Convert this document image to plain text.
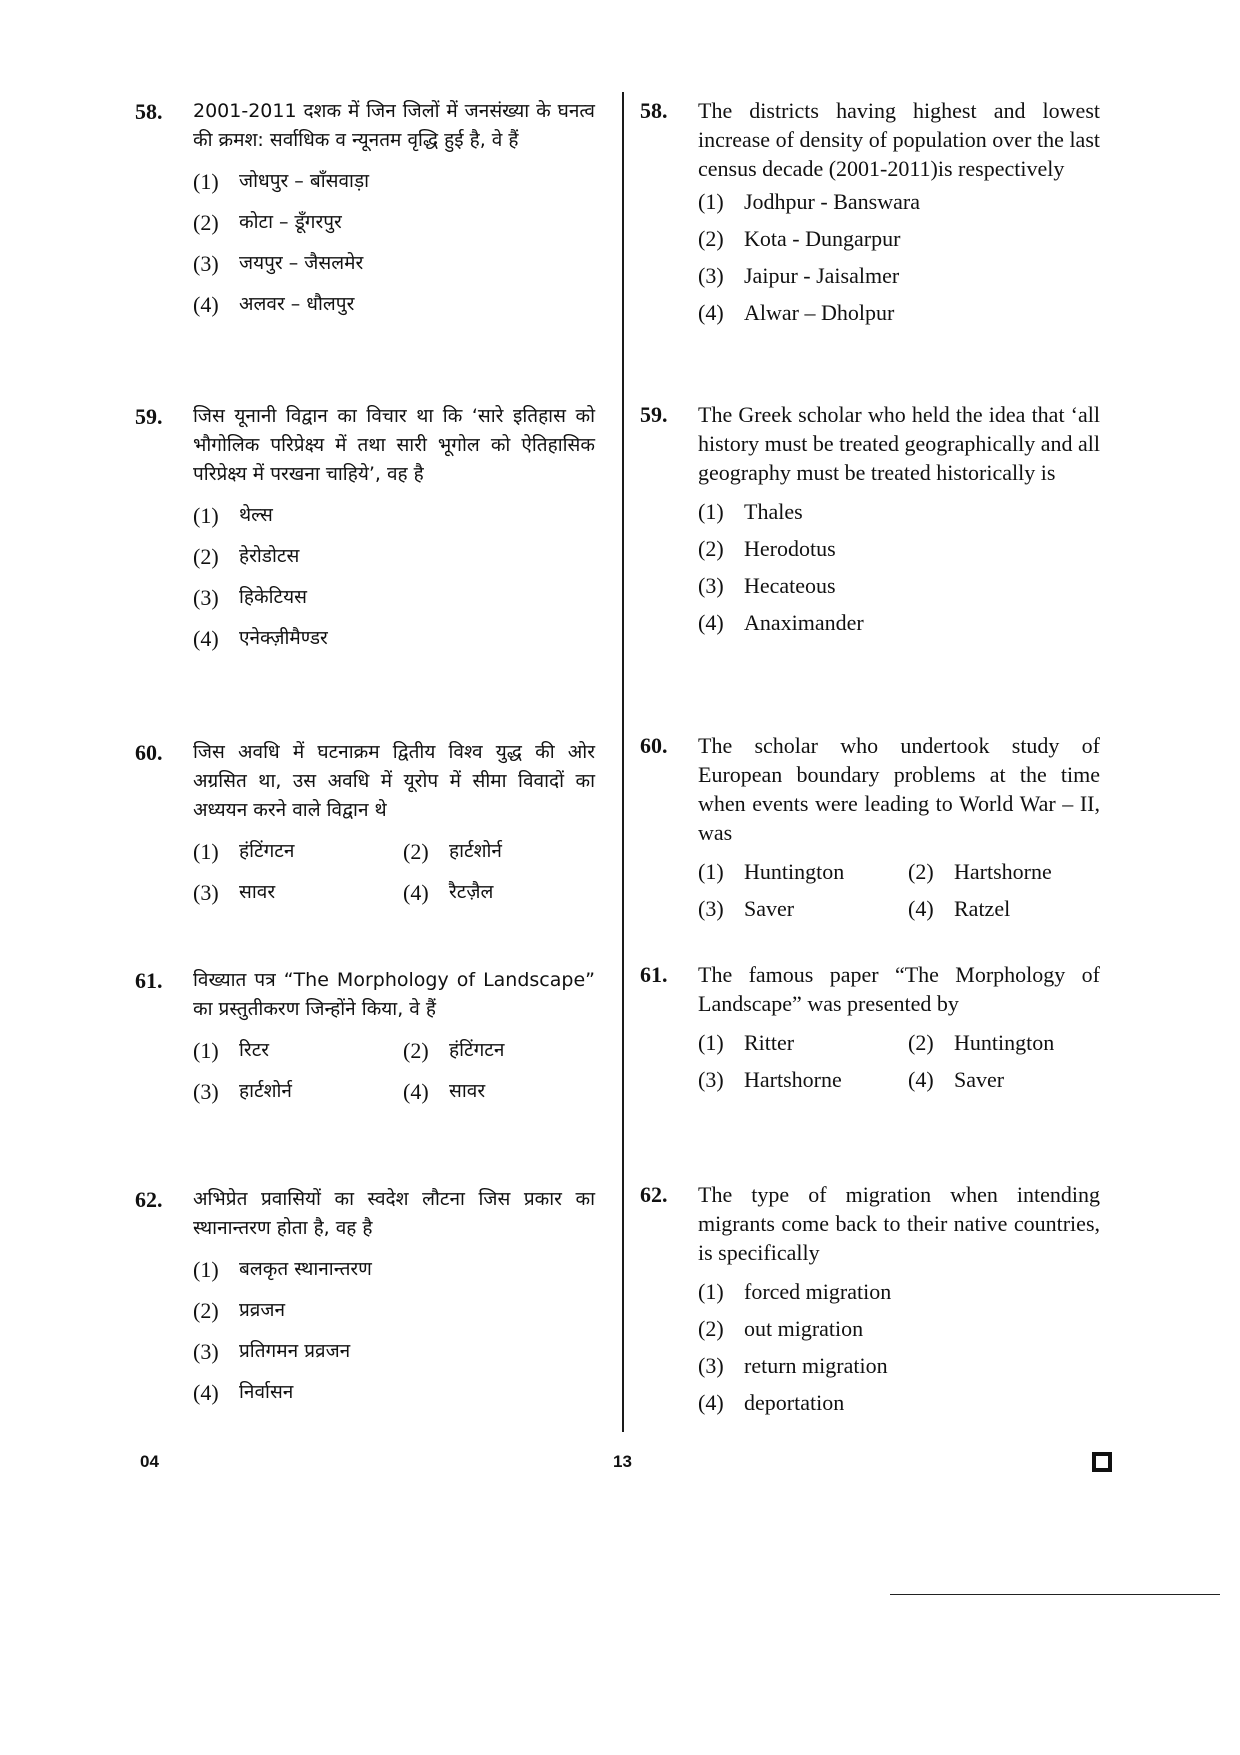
58.	2001-2011 दशक में जिन जिलों में जनसंख्या के घनत्व की क्रमश: सर्वाधिक व न्यूनतम वृद्धि हुई है, वे हैं
(1)	जोधपुर – बाँसवाड़ा
(2)	कोटा – डूँगरपुर
(3)	जयपुर – जैसलमेर
(4)	अलवर – धौलपुर
59.	जिस यूनानी विद्वान का विचार था कि ‘सारे इतिहास को भौगोलिक परिप्रेक्ष्य में तथा सारी भूगोल को ऐतिहासिक परिप्रेक्ष्य में परखना चाहिये’, वह है
(1)	थेल्स
(2)	हेरोडोटस
(3)	हिकेटियस
(4)	एनेक्ज़ीमैण्डर
60.	जिस अवधि में घटनाक्रम द्वितीय विश्व युद्ध की ओर अग्रसित था, उस अवधि में यूरोप में सीमा विवादों का अध्ययन करने वाले विद्वान थे
(1)	हंटिंगटन	(2)	हार्टशोर्न
(3)	सावर	(4)	रैटज़ैल
61.	विख्यात पत्र “The Morphology of Landscape” का प्रस्तुतीकरण जिन्होंने किया, वे हैं
(1)	रिटर	(2)	हंटिंगटन
(3)	हार्टशोर्न	(4)	सावर
62.	अभिप्रेत प्रवासियों का स्वदेश लौटना जिस प्रकार का स्थानान्तरण होता है, वह है
(1)	बलकृत स्थानान्तरण
(2)	प्रव्रजन
(3)	प्रतिगमन प्रव्रजन
(4)	निर्वासन
58.	The districts having highest and lowest increase of density of population over the last census decade (2001-2011)is respectively
(1) Jodhpur - Banswara
(2) Kota - Dungarpur
(3) Jaipur - Jaisalmer
(4) Alwar – Dholpur
59.	The Greek scholar who held the idea that ‘all history must be treated geographically and all geography must be treated historically is
(1) Thales
(2) Herodotus
(3) Hecateous
(4) Anaximander
60.	The scholar who undertook study of European boundary problems at the time when events were leading to World War – II, was
(1) Huntington	(2) Hartshorne
(3) Saver	(4) Ratzel
61.	The famous paper “The Morphology of Landscape” was presented by
(1) Ritter	(2) Huntington
(3) Hartshorne	(4) Saver
62.	The type of migration when intending migrants come back to their native countries, is specifically
(1) forced migration
(2) out migration
(3) return migration
(4) deportation
04	13
